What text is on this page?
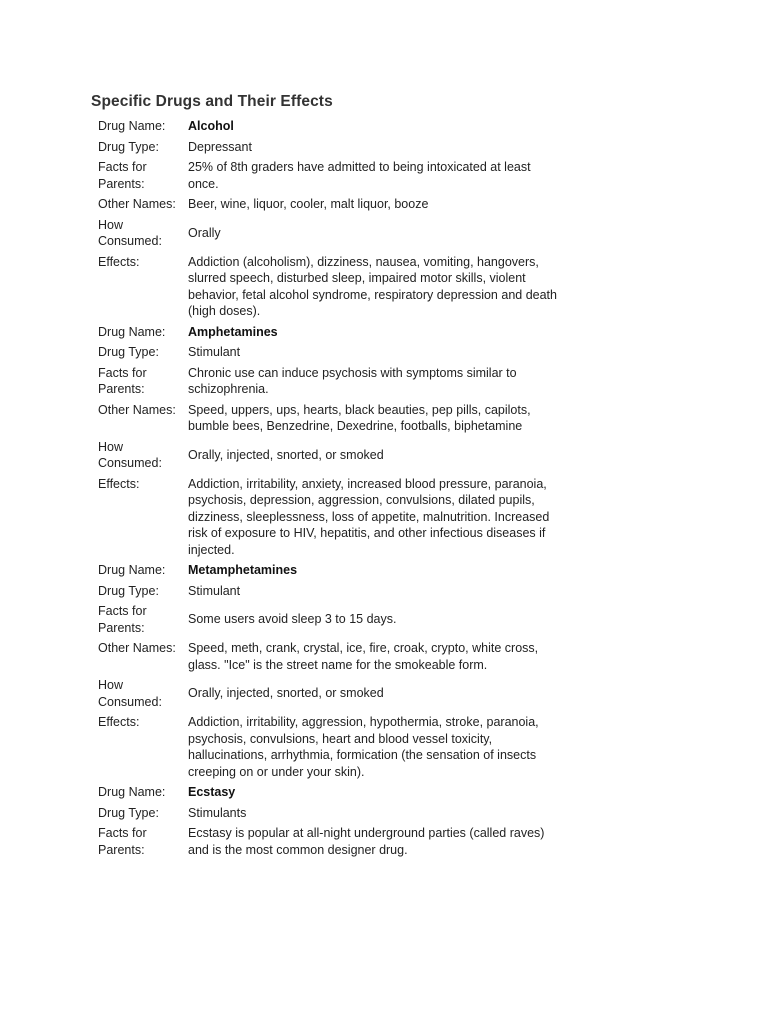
Specific Drugs and Their Effects
Drug Name:	Alcohol
Drug Type:	Depressant
Facts for Parents:
25% of 8th graders have admitted to being intoxicated at least once.
Other Names: Beer, wine, liquor, cooler, malt liquor, booze
How Consumed:
Orally
Effects:	Addiction (alcoholism), dizziness, nausea, vomiting, hangovers, slurred speech, disturbed sleep, impaired motor skills, violent behavior, fetal alcohol syndrome, respiratory depression and death (high doses).
Drug Name:	Amphetamines
Drug Type:	Stimulant
Facts for Parents:
Chronic use can induce psychosis with symptoms similar to schizophrenia.
Other Names: Speed, uppers, ups, hearts, black beauties, pep pills, capilots, bumble bees, Benzedrine, Dexedrine, footballs, biphetamine
How Consumed:
Orally, injected, snorted, or smoked
Effects:	Addiction, irritability, anxiety, increased blood pressure, paranoia, psychosis, depression, aggression, convulsions, dilated pupils, dizziness, sleeplessness, loss of appetite, malnutrition. Increased risk of exposure to HIV, hepatitis, and other infectious diseases if injected.
Drug Name:	Metamphetamines
Drug Type:	Stimulant
Facts for Parents:
Some users avoid sleep 3 to 15 days.
Other Names: Speed, meth, crank, crystal, ice, fire, croak, crypto, white cross, glass. "Ice" is the street name for the smokeable form.
How Consumed:
Orally, injected, snorted, or smoked
Effects:	Addiction, irritability, aggression, hypothermia, stroke, paranoia, psychosis, convulsions, heart and blood vessel toxicity, hallucinations, arrhythmia, formication (the sensation of insects creeping on or under your skin).
Drug Name:	Ecstasy
Drug Type:	Stimulants
Facts for Parents:
Ecstasy is popular at all-night underground parties (called raves) and is the most common designer drug.
